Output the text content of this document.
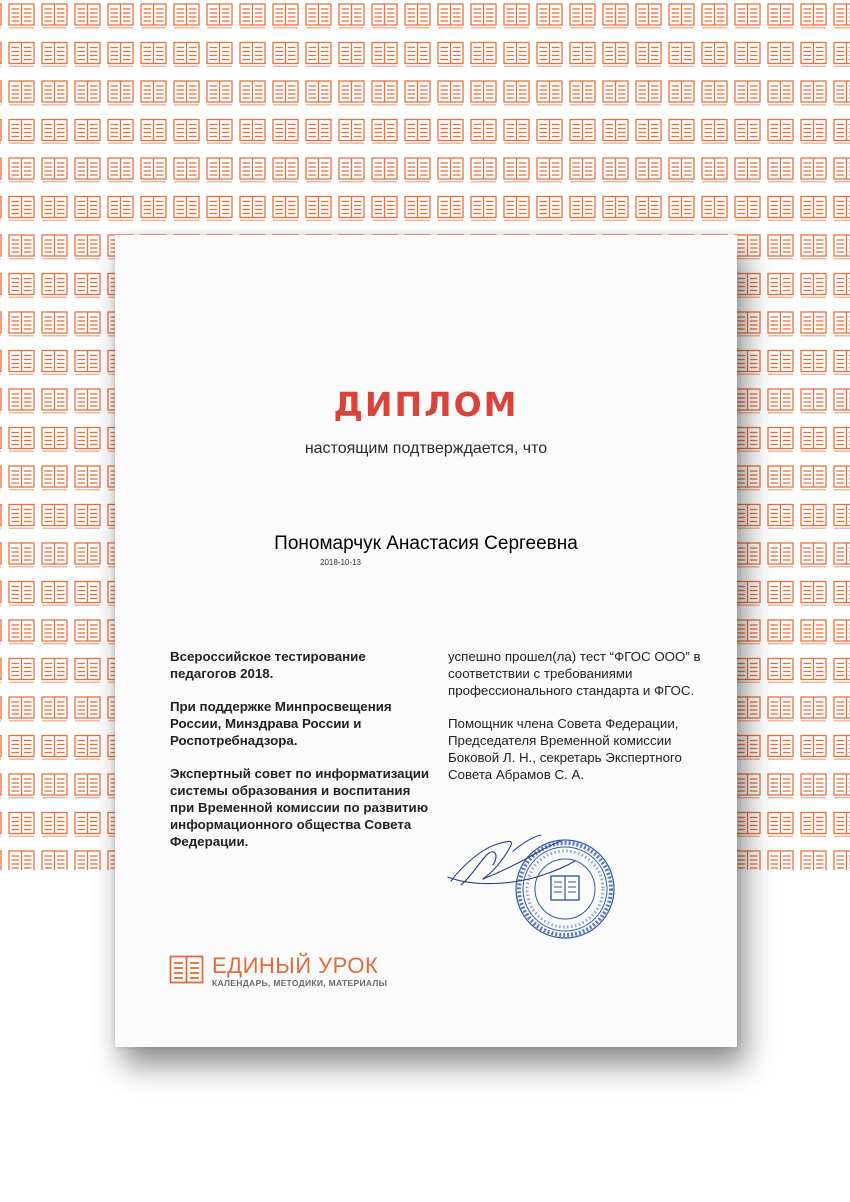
ДИПЛОМ
настоящим подтверждается, что
Пономарчук Анастасия Сергеевна
2018-10-13

Всероссийское тестирование педагогов 2018.

При поддержке Минпросвещения России, Минздрава России и Роспотребнадзора.

Экспертный совет по информатизации системы образования и воспитания при Временной комиссии по развитию информационного общества Совета Федерации.

успешно прошел(ла) тест “ФГОС ООО” в соответствии с требованиями профессионального стандарта и ФГОС.

Помощник члена Совета Федерации, Председателя Временной комиссии Боковой Л. Н., секретарь Экспертного Совета Абрамов С. А.

ЕДИНЫЙ УРОК
КАЛЕНДАРЬ, МЕТОДИКИ, МАТЕРИАЛЫ
